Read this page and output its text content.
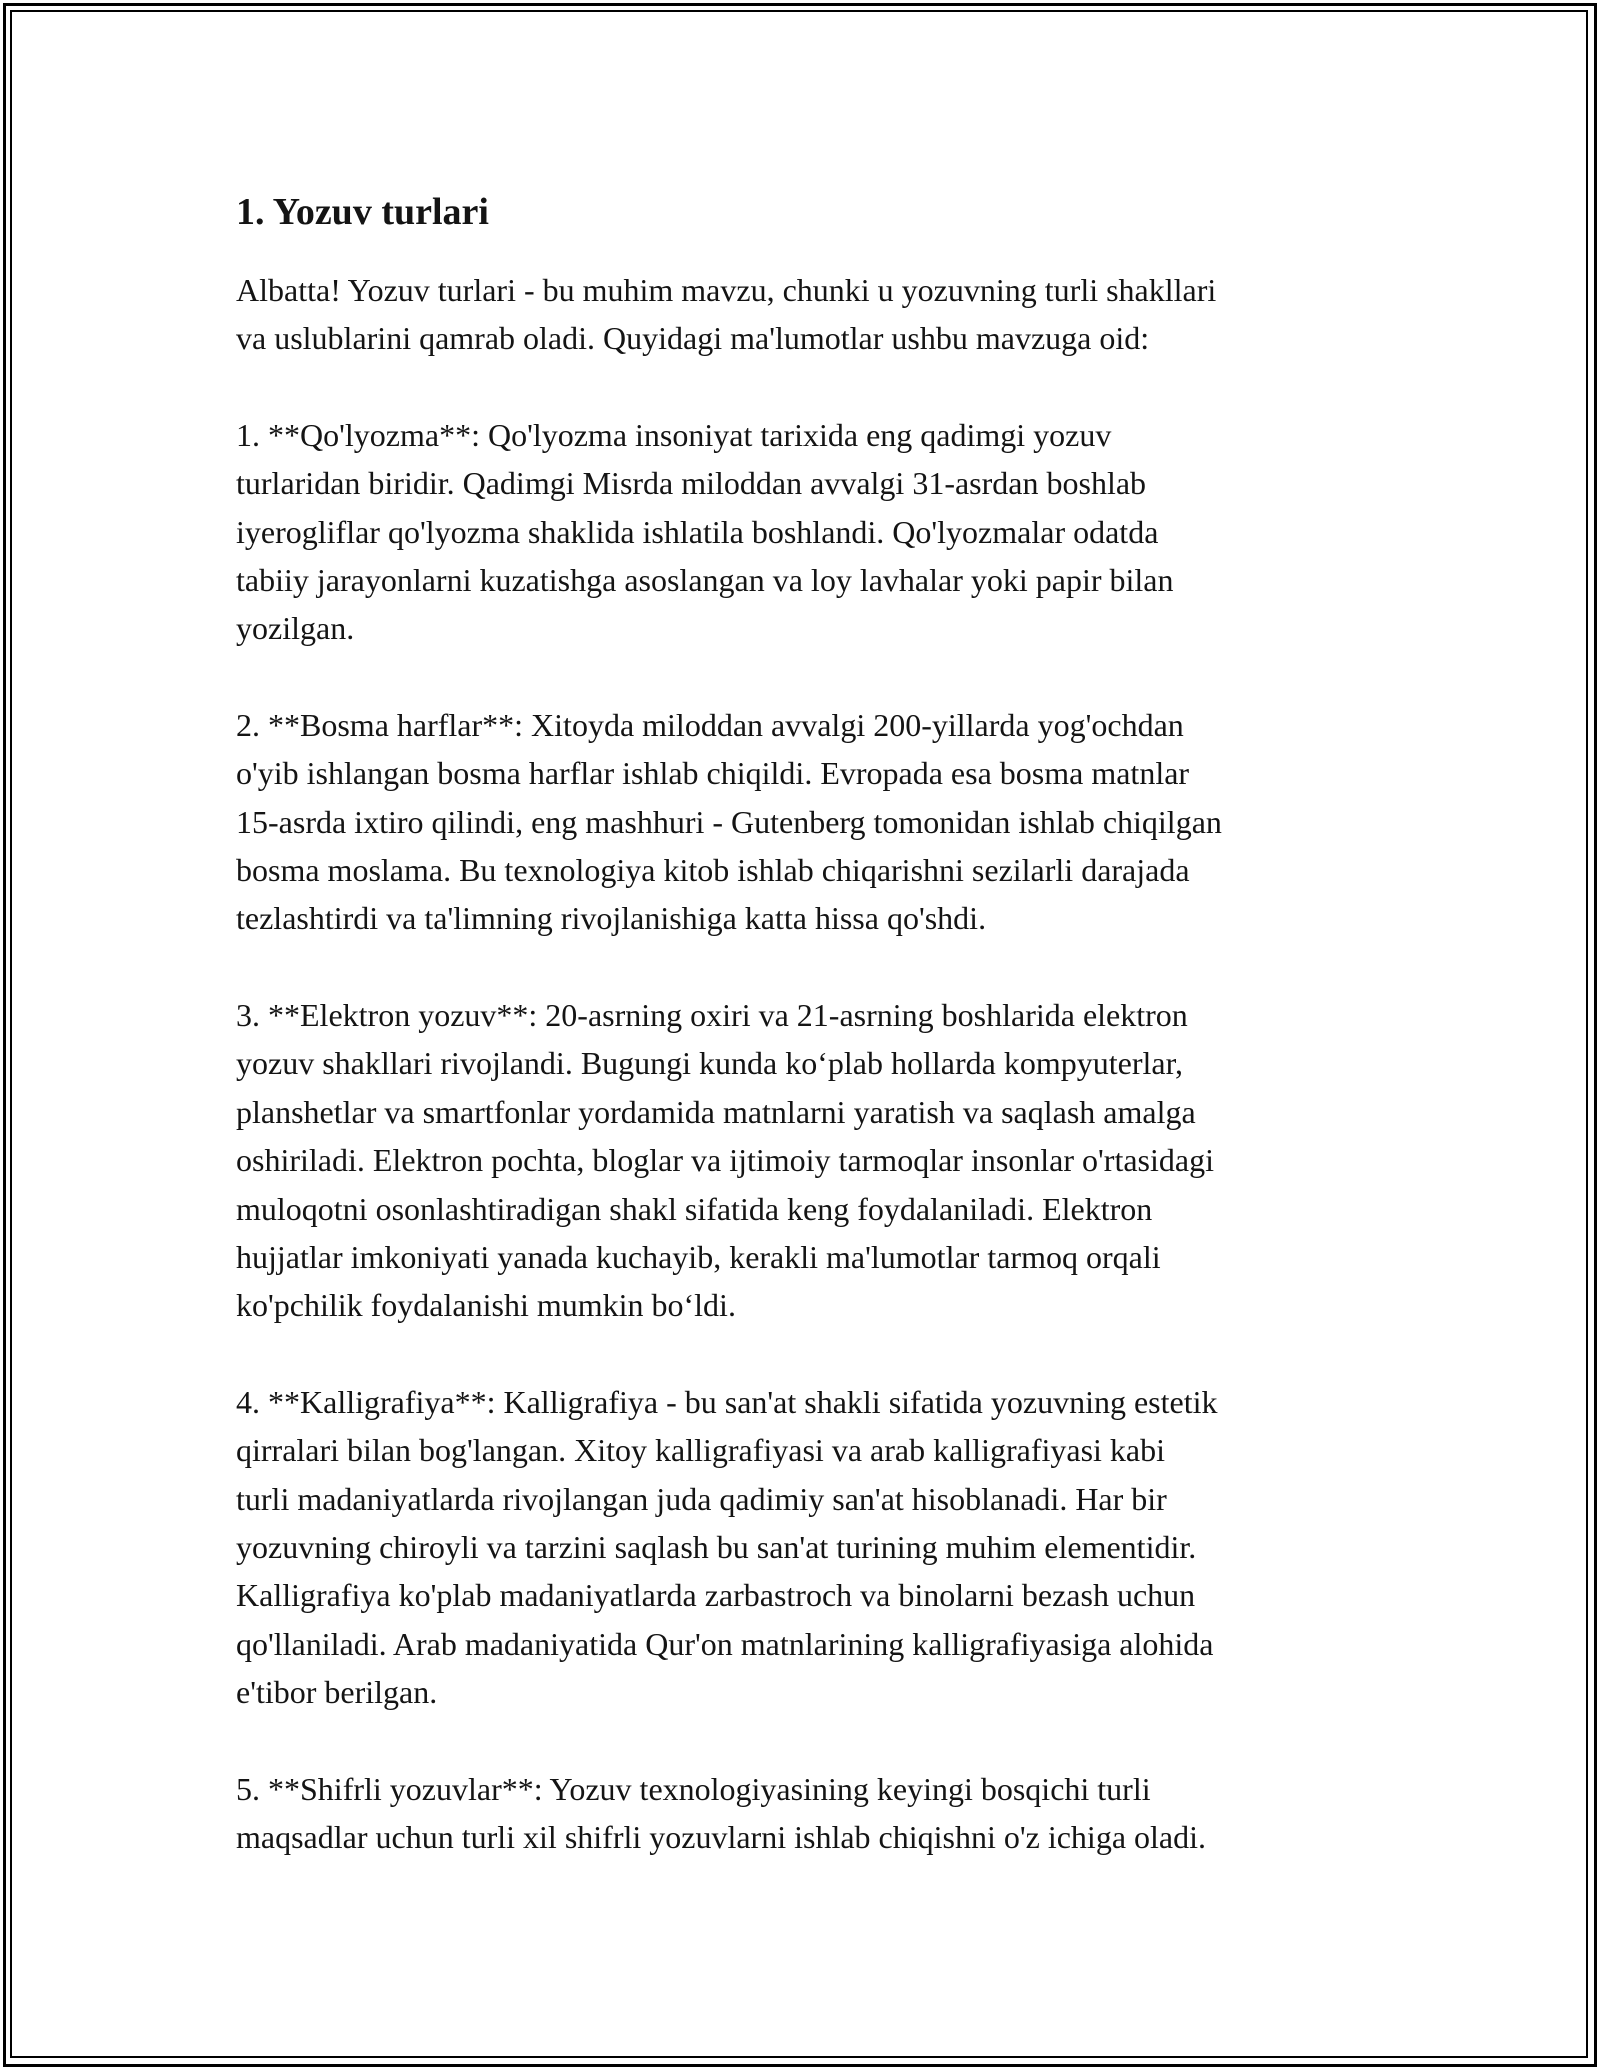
1. Yozuv turlari

Albatta! Yozuv turlari - bu muhim mavzu, chunki u yozuvning turli shakllari
va uslublarini qamrab oladi. Quyidagi ma'lumotlar ushbu mavzuga oid:

1. **Qo'lyozma**: Qo'lyozma insoniyat tarixida eng qadimgi yozuv
turlaridan biridir. Qadimgi Misrda miloddan avvalgi 31-asrdan boshlab
iyerogliflar qo'lyozma shaklida ishlatila boshlandi. Qo'lyozmalar odatda
tabiiy jarayonlarni kuzatishga asoslangan va loy lavhalar yoki papir bilan
yozilgan.

2. **Bosma harflar**: Xitoyda miloddan avvalgi 200-yillarda yog'ochdan
o'yib ishlangan bosma harflar ishlab chiqildi. Evropada esa bosma matnlar
15-asrda ixtiro qilindi, eng mashhuri - Gutenberg tomonidan ishlab chiqilgan
bosma moslama. Bu texnologiya kitob ishlab chiqarishni sezilarli darajada
tezlashtirdi va ta'limning rivojlanishiga katta hissa qo'shdi.

3. **Elektron yozuv**: 20-asrning oxiri va 21-asrning boshlarida elektron
yozuv shakllari rivojlandi. Bugungi kunda ko‘plab hollarda kompyuterlar,
planshetlar va smartfonlar yordamida matnlarni yaratish va saqlash amalga
oshiriladi. Elektron pochta, bloglar va ijtimoiy tarmoqlar insonlar o'rtasidagi
muloqotni osonlashtiradigan shakl sifatida keng foydalaniladi. Elektron
hujjatlar imkoniyati yanada kuchayib, kerakli ma'lumotlar tarmoq orqali
ko'pchilik foydalanishi mumkin bo‘ldi.

4. **Kalligrafiya**: Kalligrafiya - bu san'at shakli sifatida yozuvning estetik
qirralari bilan bog'langan. Xitoy kalligrafiyasi va arab kalligrafiyasi kabi
turli madaniyatlarda rivojlangan juda qadimiy san'at hisoblanadi. Har bir
yozuvning chiroyli va tarzini saqlash bu san'at turining muhim elementidir.
Kalligrafiya ko'plab madaniyatlarda zarbastroch va binolarni bezash uchun
qo'llaniladi. Arab madaniyatida Qur'on matnlarining kalligrafiyasiga alohida
e'tibor berilgan.

5. **Shifrli yozuvlar**: Yozuv texnologiyasining keyingi bosqichi turli
maqsadlar uchun turli xil shifrli yozuvlarni ishlab chiqishni o'z ichiga oladi.
